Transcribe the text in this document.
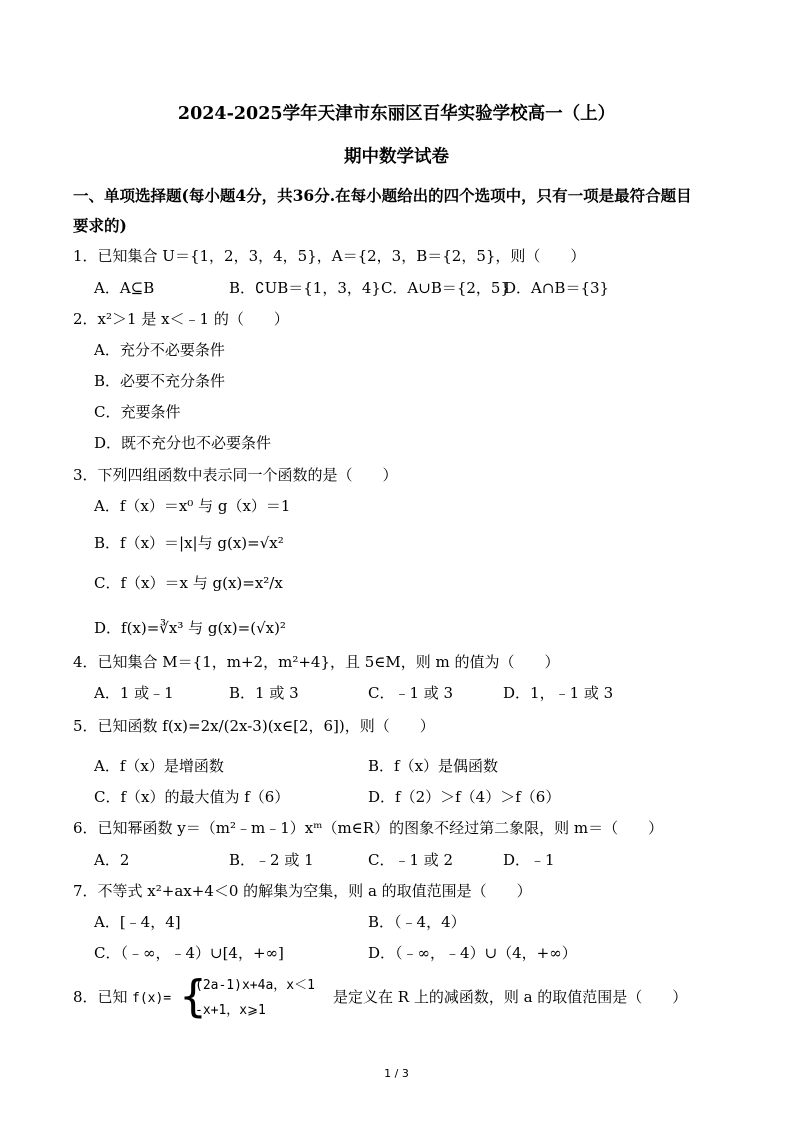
2024-2025学年天津市东丽区百华实验学校高一（上）
期中数学试卷
一、单项选择题(每小题4分，共36分.在每小题给出的四个选项中，只有一项是最符合题目
要求的)
1．已知集合 U＝{1，2，3，4，5}，A＝{2，3，B＝{2，5}，则（　　）
A．A⊆B	B．∁UB＝{1，3，4}C．A∪B＝{2，5}
D．A∩B＝{3}
2．x²＞1 是 x＜﹣1 的（　　）
A．充分不必要条件
B．必要不充分条件
C．充要条件
D．既不充分也不必要条件
3．下列四组函数中表示同一个函数的是（　　）
A．f（x）＝x⁰ 与 g（x）＝1
B．f（x）＝|x|与 g(x)=√x²
C．f（x）＝x 与 g(x)=x²/x
D．f(x)=∛x³ 与 g(x)=(√x)²
4．已知集合 M＝{1，m+2，m²+4}，且 5∈M，则 m 的值为（　　）
A．1 或﹣1	B．1 或 3	C．﹣1 或 3	D．1，﹣1 或 3
5．已知函数 f(x)=2x/(2x-3)(x∈[2，6])，则（　　）
A．f（x）是增函数	B．f（x）是偶函数
C．f（x）的最大值为 f（6）	D．f（2）＞f（4）＞f（6）
6．已知幂函数 y＝（m²﹣m﹣1）xᵐ（m∈R）的图象不经过第二象限，则 m＝（　　）
A．2	B．﹣2 或 1	C．﹣1 或 2	D．﹣1
7．不等式 x²+ax+4＜0 的解集为空集，则 a 的取值范围是（　　）
A．[﹣4，4]	B．（﹣4，4）
C．（﹣∞，﹣4）∪[4，+∞]	D．（﹣∞，﹣4）∪（4，+∞）
8．已知 f(x)= {
(2a-1)x+4a，x＜1
-x+1，x⩾1
是定义在 R 上的减函数，则 a 的取值范围是（　　）
1 / 3
